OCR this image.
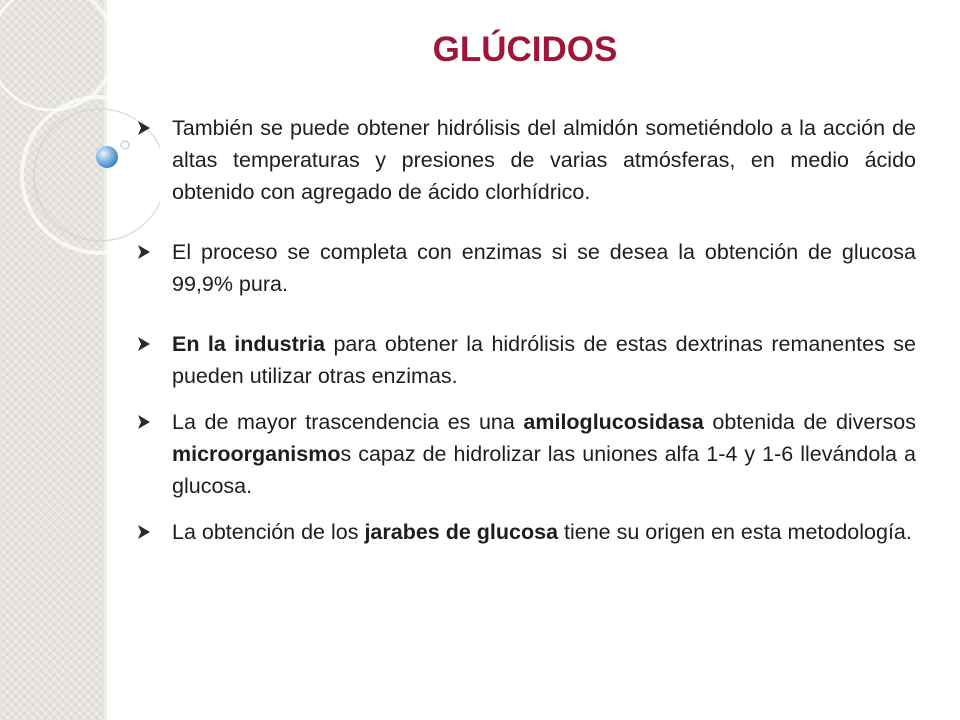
GLÚCIDOS
También se puede obtener hidrólisis del almidón sometiéndolo a la acción de altas temperaturas y presiones de varias atmósferas, en medio ácido obtenido con agregado de ácido clorhídrico.
El proceso se completa con enzimas si se desea la obtención de glucosa 99,9% pura.
En la industria para obtener la hidrólisis de estas dextrinas remanentes se pueden utilizar otras enzimas.
La de mayor trascendencia es una amiloglucosidasa obtenida de diversos microorganismos capaz de hidrolizar las uniones alfa 1-4 y 1-6 llevándola a glucosa.
La obtención de los jarabes de glucosa tiene su origen en esta metodología.
